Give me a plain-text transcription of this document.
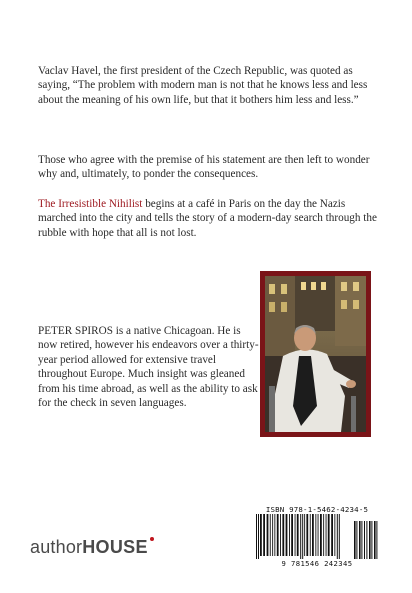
Vaclav Havel, the first president of the Czech Republic, was quoted as saying, “The problem with modern man is not that he knows less and less about the meaning of his own life, but that it bothers him less and less.”

Those who agree with the premise of his statement are then left to wonder why and, ultimately, to ponder the consequences.

The Irresistible Nihilist begins at a café in Paris on the day the Nazis marched into the city and tells the story of a modern-day search through the rubble with hope that all is not lost.

PETER SPIROS is a native Chicagoan. He is now retired, however his endeavors over a thirty-year period allowed for extensive travel throughout Europe. Much insight was gleaned from his time abroad, as well as the ability to ask for the check in seven languages.
ISBN 978-1-5462-4234-5
9 781546 242345
author HOUSE
